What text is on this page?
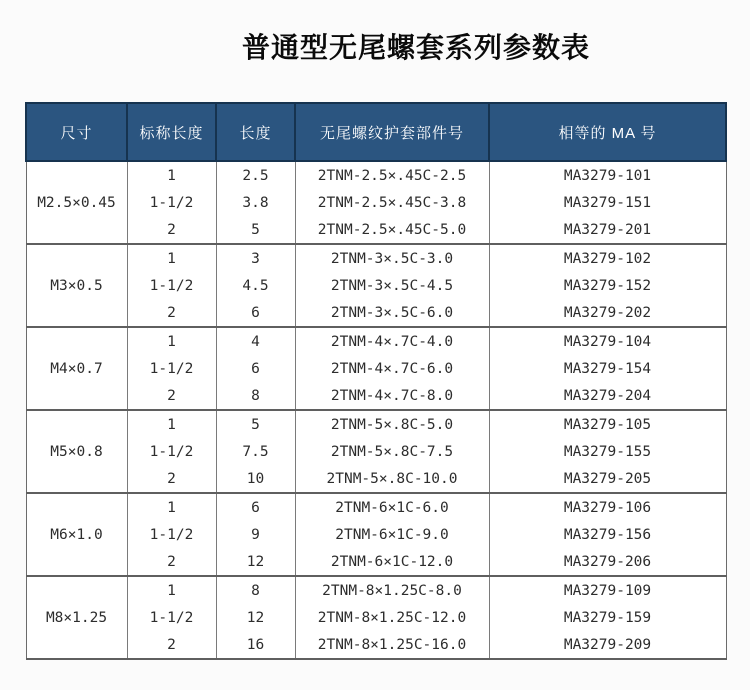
普通型无尾螺套系列参数表
尺寸	标称长度	长度	无尾螺纹护套部件号	相等的 MA 号
M2.5×0.45	1	2.5	2TNM-2.5×.45C-2.5	MA3279-101
	1-1/2	3.8	2TNM-2.5×.45C-3.8	MA3279-151
	2	5	2TNM-2.5×.45C-5.0	MA3279-201
M3×0.5	1	3	2TNM-3×.5C-3.0	MA3279-102
	1-1/2	4.5	2TNM-3×.5C-4.5	MA3279-152
	2	6	2TNM-3×.5C-6.0	MA3279-202
M4×0.7	1	4	2TNM-4×.7C-4.0	MA3279-104
	1-1/2	6	2TNM-4×.7C-6.0	MA3279-154
	2	8	2TNM-4×.7C-8.0	MA3279-204
M5×0.8	1	5	2TNM-5×.8C-5.0	MA3279-105
	1-1/2	7.5	2TNM-5×.8C-7.5	MA3279-155
	2	10	2TNM-5×.8C-10.0	MA3279-205
M6×1.0	1	6	2TNM-6×1C-6.0	MA3279-106
	1-1/2	9	2TNM-6×1C-9.0	MA3279-156
	2	12	2TNM-6×1C-12.0	MA3279-206
M8×1.25	1	8	2TNM-8×1.25C-8.0	MA3279-109
	1-1/2	12	2TNM-8×1.25C-12.0	MA3279-159
	2	16	2TNM-8×1.25C-16.0	MA3279-209
